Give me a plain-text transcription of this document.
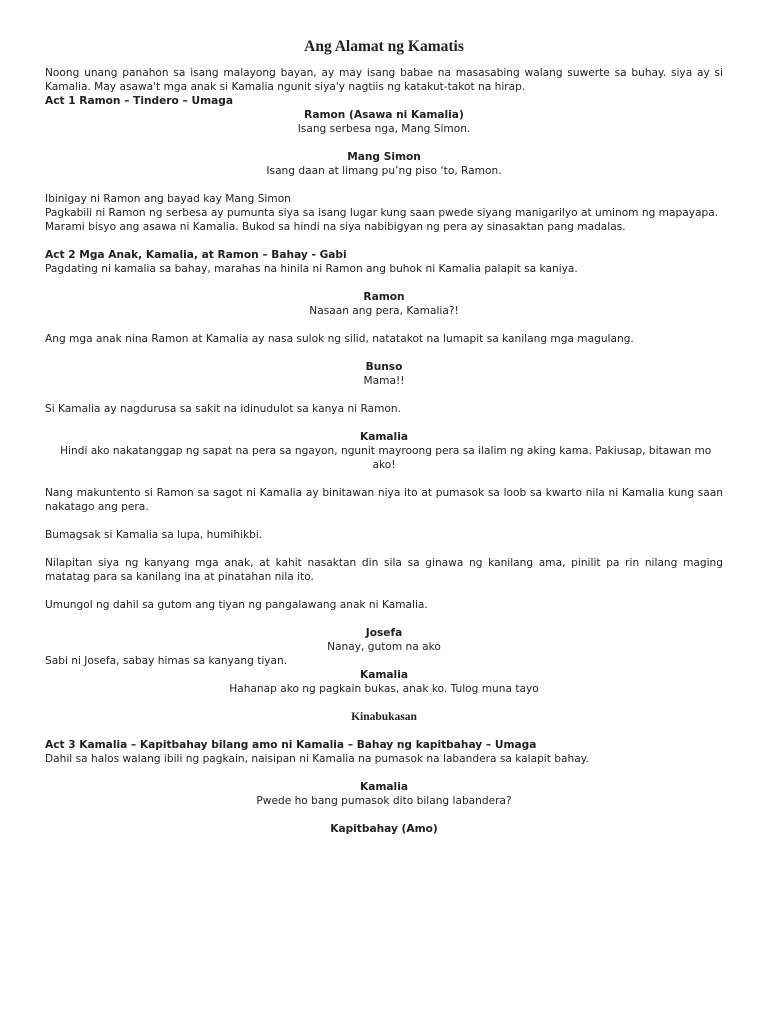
Ang Alamat ng Kamatis
Noong unang panahon sa isang malayong bayan, ay may isang babae na masasabing walang suwerte sa buhay. siya ay si Kamalia. May asawa't mga anak si Kamalia ngunit siya'y nagtiis ng katakut-takot na hirap.
Act 1 Ramon – Tindero – Umaga
Ramon (Asawa ni Kamalia)
Isang serbesa nga, Mang Simon.
Mang Simon
Isang daan at limang pu’ng piso ‘to, Ramon.
Ibinigay ni Ramon ang bayad kay Mang Simon
Pagkabili ni Ramon ng serbesa ay pumunta siya sa isang lugar kung saan pwede siyang manigarilyo at uminom ng mapayapa.
Marami bisyo ang asawa ni Kamalia. Bukod sa hindi na siya nabibigyan ng pera ay sinasaktan pang madalas.
Act 2 Mga Anak, Kamalia, at Ramon – Bahay - Gabi
Pagdating ni kamalia sa bahay, marahas na hinila ni Ramon ang buhok ni Kamalia palapit sa kaniya.
Ramon
Nasaan ang pera, Kamalia?!
Ang mga anak nina Ramon at Kamalia ay nasa sulok ng silid, natatakot na lumapit sa kanilang mga magulang.
Bunso
Mama!!
Si Kamalia ay nagdurusa sa sakit na idinudulot sa kanya ni Ramon.
Kamalia
Hindi ako nakatanggap ng sapat na pera sa ngayon, ngunit mayroong pera sa ilalim ng aking kama. Pakiusap, bitawan mo ako!
Nang makuntento si Ramon sa sagot ni Kamalia ay binitawan niya ito at pumasok sa loob sa kwarto nila ni Kamalia kung saan nakatago ang pera.
Bumagsak si Kamalia sa lupa, humihikbi.
Nilapitan siya ng kanyang mga anak, at kahit nasaktan din sila sa ginawa ng kanilang ama, pinilit pa rin nilang maging matatag para sa kanilang ina at pinatahan nila ito.
Umungol ng dahil sa gutom ang tiyan ng pangalawang anak ni Kamalia.
Josefa
Nanay, gutom na ako
Sabi ni Josefa, sabay himas sa kanyang tiyan.
Kamalia
Hahanap ako ng pagkain bukas, anak ko. Tulog muna tayo
Kinabukasan
Act 3 Kamalia – Kapitbahay bilang amo ni Kamalia – Bahay ng kapitbahay – Umaga
Dahil sa halos walang ibili ng pagkain, naisipan ni Kamalia na pumasok na labandera sa kalapit bahay.
Kamalia
Pwede ho bang pumasok dito bilang labandera?
Kapitbahay (Amo)
